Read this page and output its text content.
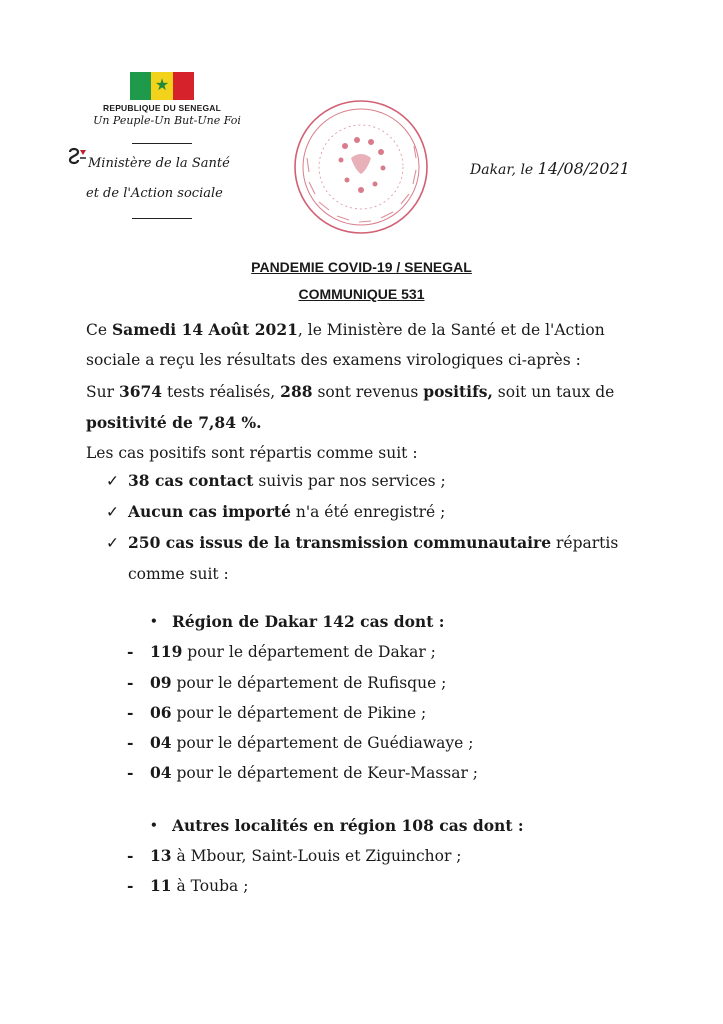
★
REPUBLIQUE DU SENEGAL
Un Peuple-Un But-Une Foi
Ministère de la Santé
et de l'Action sociale
Dakar, le 14/08/2021
PANDEMIE COVID-19 / SENEGAL
COMMUNIQUE 531
Ce Samedi 14 Août 2021, le Ministère de la Santé et de l'Action
sociale a reçu les résultats des examens virologiques ci-après :
Sur 3674 tests réalisés, 288 sont revenus positifs, soit un taux de
positivité de 7,84 %.
Les cas positifs sont répartis comme suit :
✓ 38 cas contact suivis par nos services ;
✓ Aucun cas importé n'a été enregistré ;
✓ 250 cas issus de la transmission communautaire répartis
comme suit :
• Région de Dakar 142 cas dont :
- 119 pour le département de Dakar ;
- 09 pour le département de Rufisque ;
- 06 pour le département de Pikine ;
- 04 pour le département de Guédiawaye ;
- 04 pour le département de Keur-Massar ;
• Autres localités en région 108 cas dont :
- 13 à Mbour, Saint-Louis et Ziguinchor ;
- 11 à Touba ;
